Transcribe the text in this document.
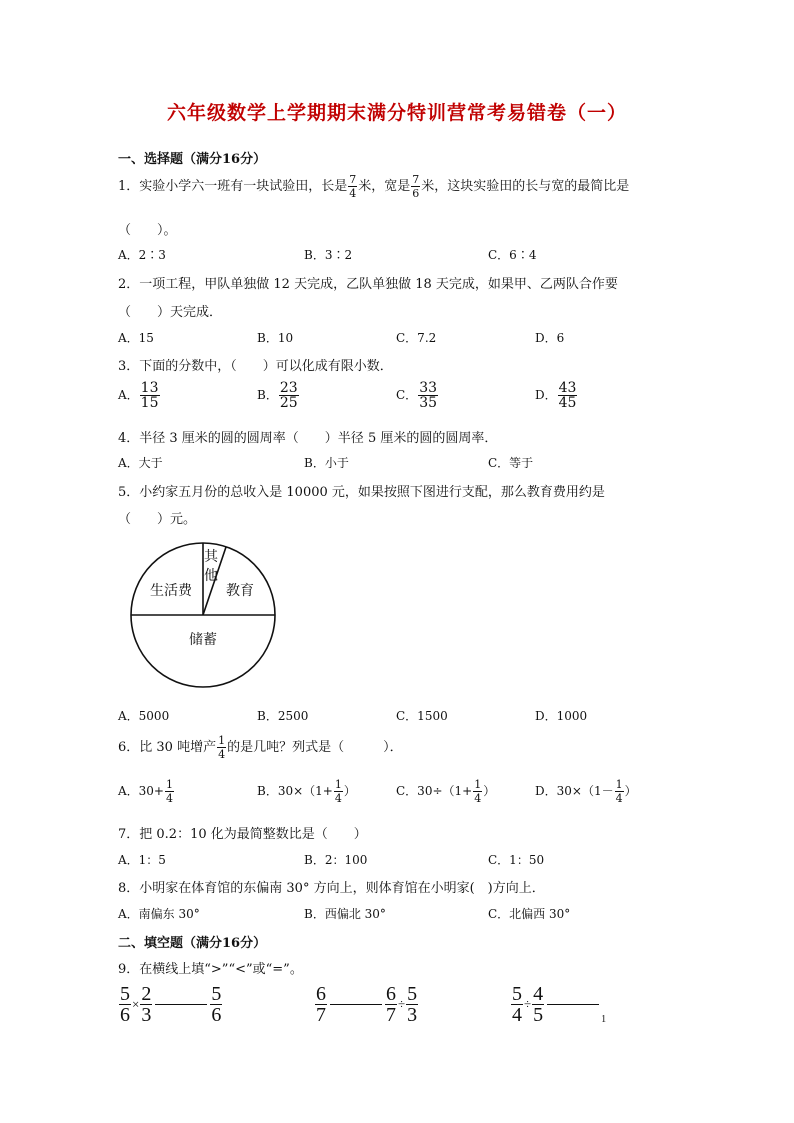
六年级数学上学期期末满分特训营常考易错卷（一）
一、选择题（满分16分）
1．实验小学六一班有一块试验田，长是 $\frac{7}{4}$ 米，宽是 $\frac{7}{6}$ 米，这块实验田的长与宽的最简比是
（　　）。
A．2∶3	B．3∶2	C．6∶4
2．一项工程，甲队单独做 12 天完成，乙队单独做 18 天完成，如果甲、乙两队合作要
（　　）天完成．
A．15	B．10	C．7.2	D．6
3．下面的分数中，（　　）可以化成有限小数．
A． $\frac{13}{15}$	B． $\frac{23}{25}$	C． $\frac{33}{35}$	D． $\frac{43}{45}$
4．半径 3 厘米的圆的圆周率（　　）半径 5 厘米的圆的圆周率．
A．大于	B．小于	C．等于
5．小约家五月份的总收入是 10000 元，如果按照下图进行支配，那么教育费用约是
（　　）元。
其
他
生活费 教育
储蓄
A．5000	B．2500	C．1500	D．1000
6．比 30 吨增产 $\frac{1}{4}$ 的是几吨？列式是（　　　）．
A．$30+ \frac{1}{4}$	B．$30\times(1+ \frac{1}{4}$ ）	C．$30\div(1+ \frac{1}{4}$ ）	D．$30\times(1- \frac{1}{4}$ ）
7．把 0.2：10 化为最简整数比是（　　）
A．1：5	B．2：100	C．1：50
8．小明家在体育馆的东偏南 30° 方向上，则体育馆在小明家(　)方向上．
A．南偏东 30°	B．西偏北 30°	C．北偏西 30°
二、填空题（满分16分）
9．在横线上填“>”“<”或“=”。
$\frac{5}{6} \times \frac{2}{3}$	$\frac{5}{6}$	$\frac{6}{7}$	$\frac{6}{7} \div \frac{5}{3}$	$\frac{5}{4} \div \frac{4}{5}$	1
